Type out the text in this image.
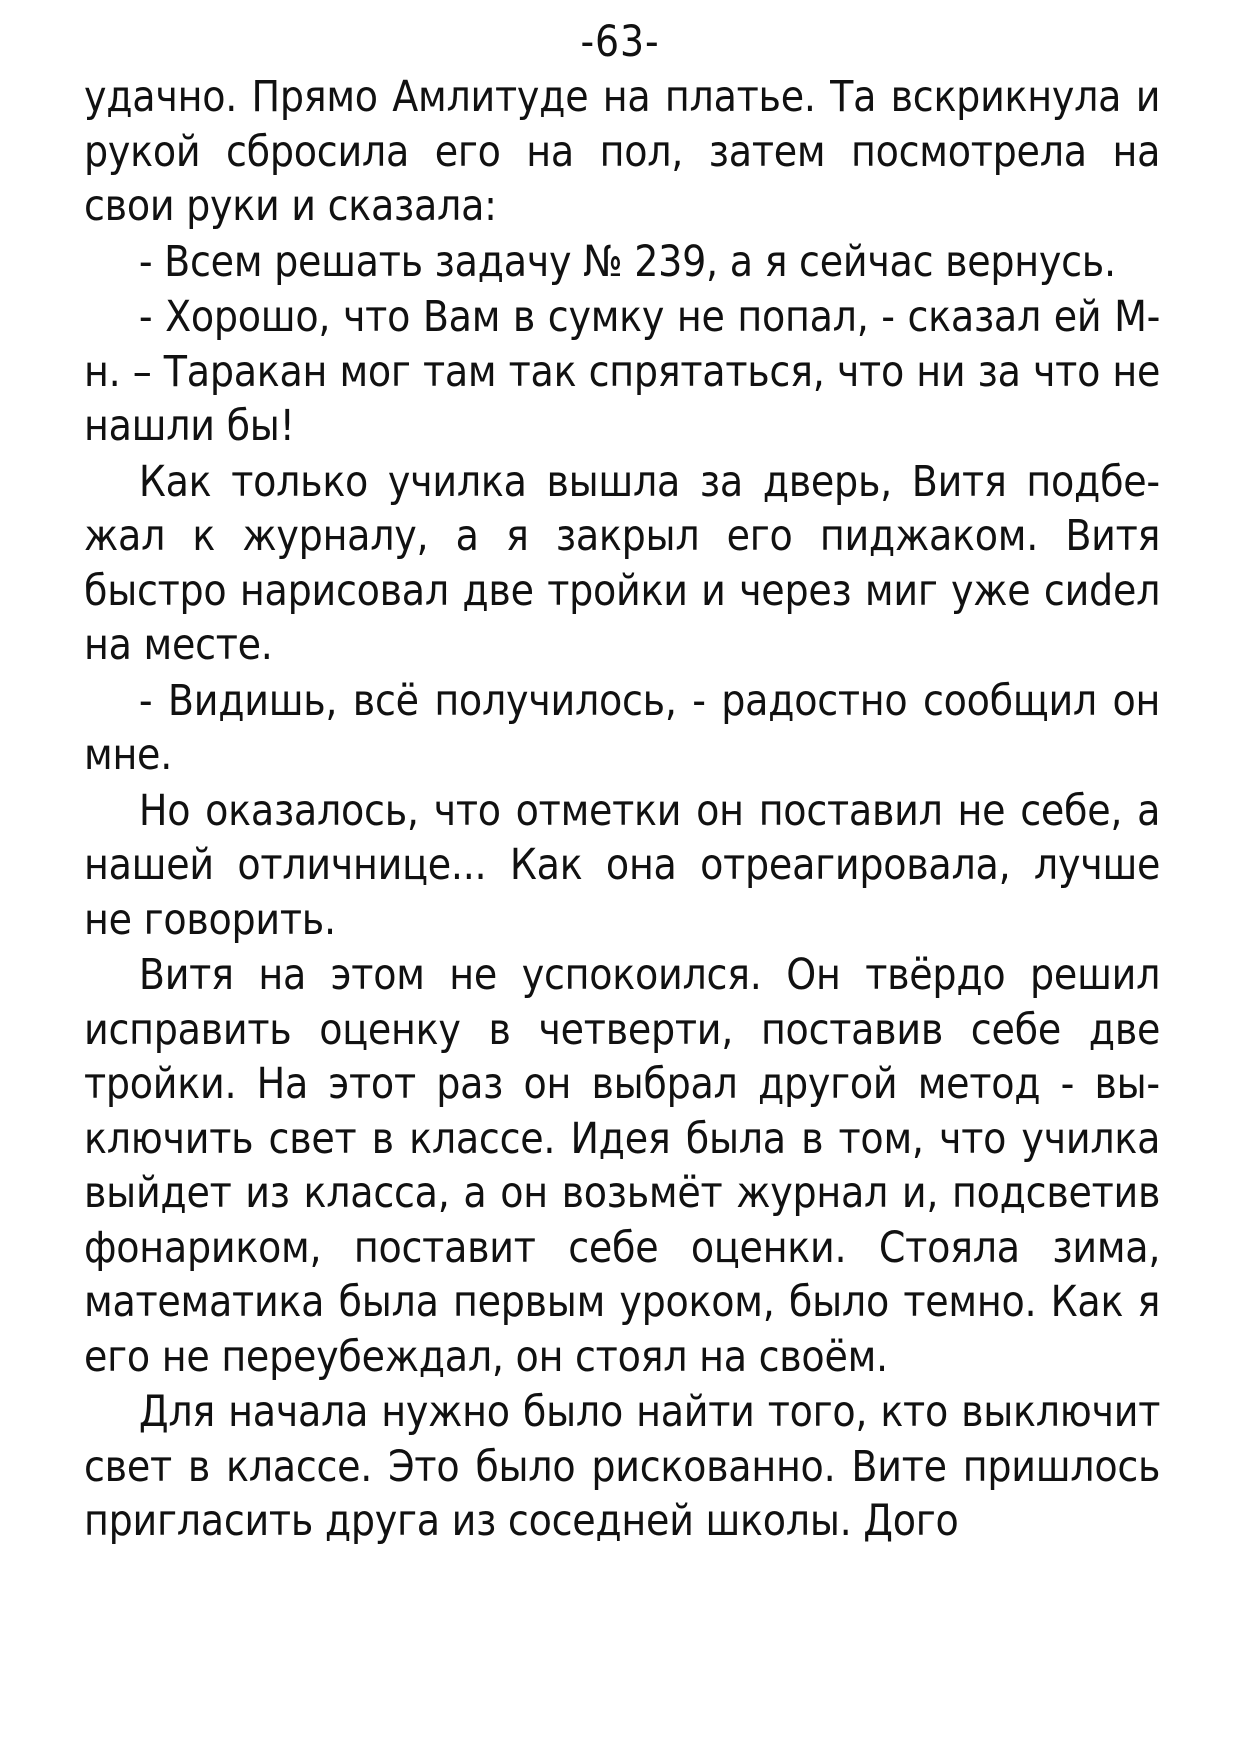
-63-

удачно. Прямо Амлитуде на платье. Та вскрикнула и рукой сбросила его на пол, затем посмотрела на свои руки и сказала:

- Всем решать задачу № 239, а я сейчас вернусь.

- Хорошо, что Вам в сумку не попал, - сказал ей М-н. – Таракан мог там так спрятаться, что ни за что не нашли бы!

Как только училка вышла за дверь, Витя подбежал к журналу, а я закрыл его пиджаком. Витя быстро нарисовал две тройки и через миг уже сиdел на месте.

- Видишь, всё получилось, - радостно сообщил он мне.

Но оказалось, что отметки он поставил не себе, а нашей отличнице... Как она отреагировала, лучше не говорить.

Витя на этом не успокоился. Он твёрдо решил исправить оценку в четверти, поставив себе две тройки. На этот раз он выбрал другой метод - выключить свет в классе. Идея была в том, что училка выйдет из класса, а он возьмёт журнал и, подсветив фонариком, поставит себе оценки. Стояла зима, математика была первым уроком, было темно. Как я его не переубеждал, он стоял на своём.

Для начала нужно было найти того, кто выключит свет в классе. Это было рискованно. Вите пришлось пригласить друга из соседней школы. Дого
